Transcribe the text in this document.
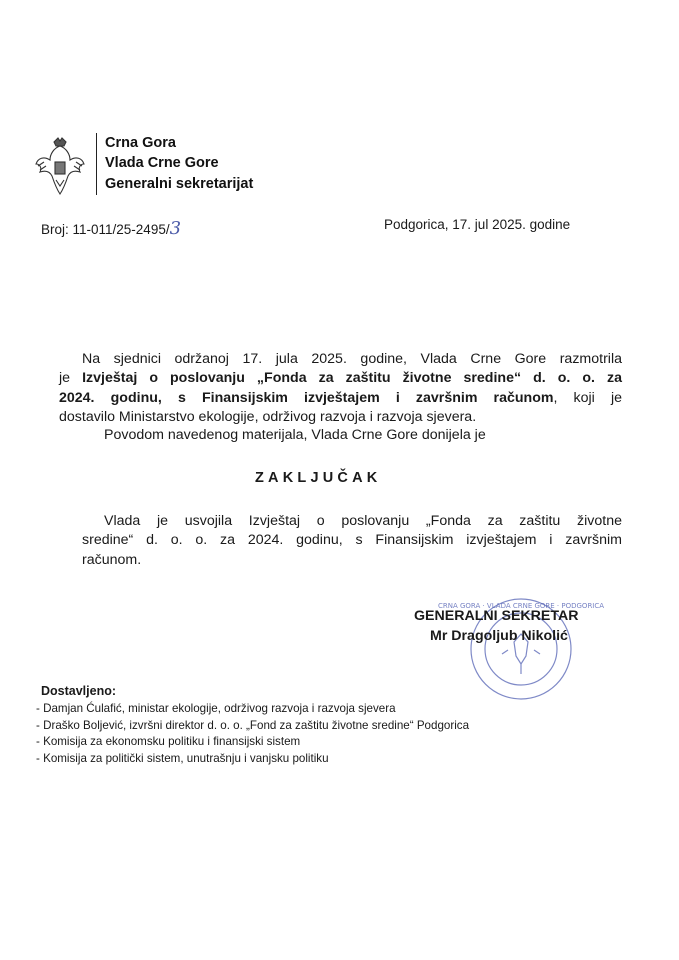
Crna Gora
Vlada Crne Gore
Generalni sekretarijat
Broj: 11-011/25-2495/3	Podgorica, 17. jul 2025. godine
Na sjednici održanoj 17. jula 2025. godine, Vlada Crne Gore razmotrila
je Izvještaj o poslovanju „Fonda za zaštitu životne sredine“ d. o. o. za
2024. godinu, s Finansijskim izvještajem i završnim računom, koji je
dostavilo Ministarstvo ekologije, održivog razvoja i razvoja sjevera.
Povodom navedenog materijala, Vlada Crne Gore donijela je
ZAKLJUČAK
Vlada je usvojila Izvještaj o poslovanju „Fonda za zaštitu životne
sredine“ d. o. o. za 2024. godinu, s Finansijskim izvještajem i završnim
računom.
CRNA GORA · VLADA CRNE GORE · PODGORICA
GENERALNI SEKRETAR
Mr Dragoljub Nikolić
Dostavljeno:
- Damjan Ćulafić, ministar ekologije, održivog razvoja i razvoja sjevera
- Draško Boljević, izvršni direktor d. o. o. „Fond za zaštitu životne sredine“ Podgorica
- Komisija za ekonomsku politiku i finansijski sistem
- Komisija za politički sistem, unutrašnju i vanjsku politiku
